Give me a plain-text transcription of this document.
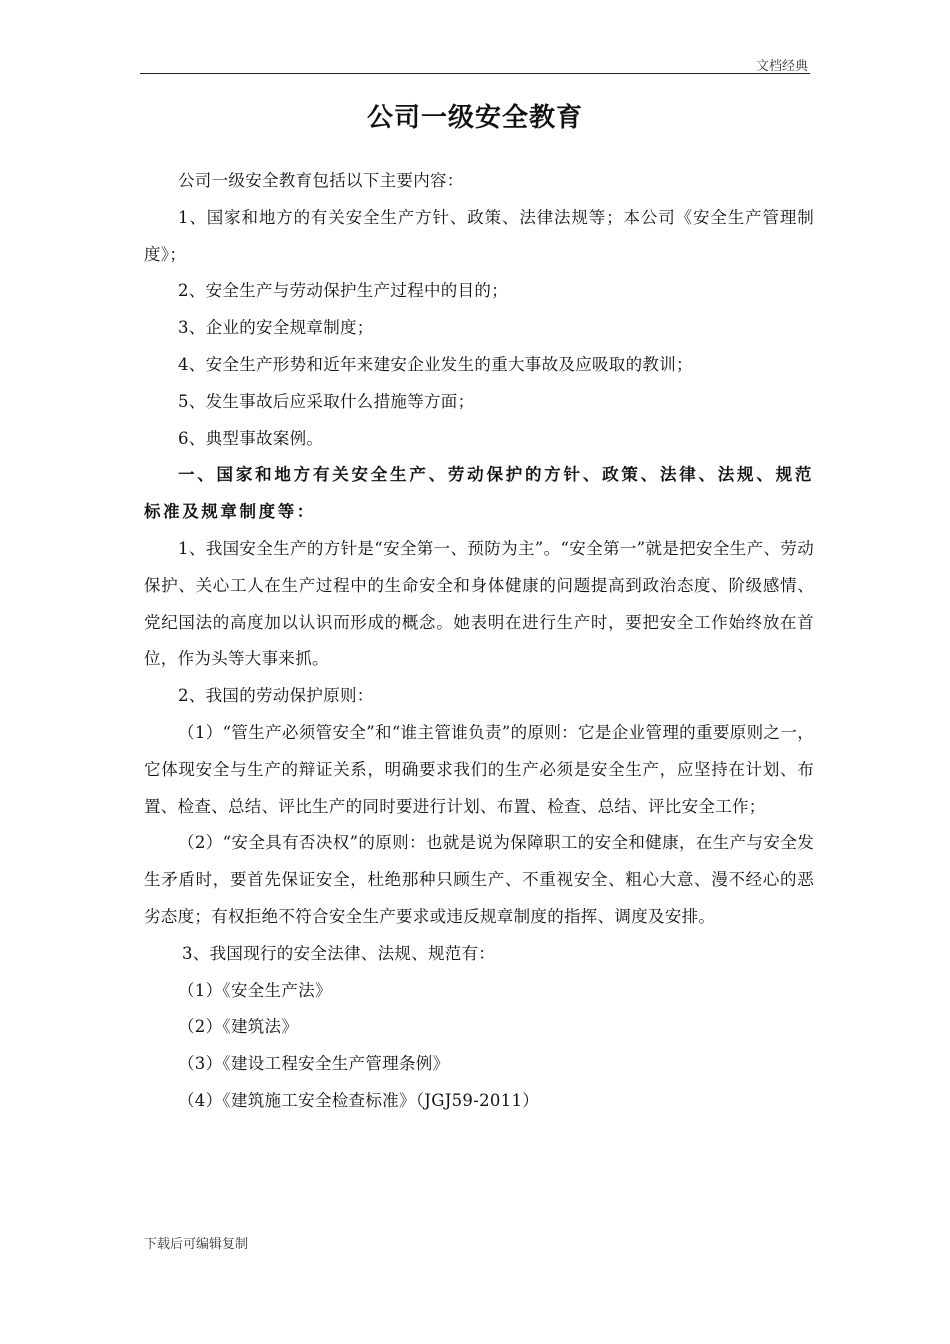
文档经典
公司一级安全教育

公司一级安全教育包括以下主要内容：

1、国家和地方的有关安全生产方针、政策、法律法规等；本公司《安全生产管理制度》；

2、安全生产与劳动保护生产过程中的目的；

3、企业的安全规章制度；

4、安全生产形势和近年来建安企业发生的重大事故及应吸取的教训；

5、发生事故后应采取什么措施等方面；

6、典型事故案例。

一、国家和地方有关安全生产、劳动保护的方针、政策、法律、法规、规范标准及规章制度等：

1、我国安全生产的方针是“安全第一、预防为主”。“安全第一”就是把安全生产、劳动保护、关心工人在生产过程中的生命安全和身体健康的问题提高到政治态度、阶级感情、党纪国法的高度加以认识而形成的概念。她表明在进行生产时，要把安全工作始终放在首位，作为头等大事来抓。

2、我国的劳动保护原则：

（1）“管生产必须管安全”和“谁主管谁负责”的原则：它是企业管理的重要原则之一，它体现安全与生产的辩证关系，明确要求我们的生产必须是安全生产，应坚持在计划、布置、检查、总结、评比生产的同时要进行计划、布置、检查、总结、评比安全工作；

（2）“安全具有否决权”的原则：也就是说为保障职工的安全和健康，在生产与安全发生矛盾时，要首先保证安全，杜绝那种只顾生产、不重视安全、粗心大意、漫不经心的恶劣态度；有权拒绝不符合安全生产要求或违反规章制度的指挥、调度及安排。

3、我国现行的安全法律、法规、规范有：

（1）《安全生产法》

（2）《建筑法》

（3）《建设工程安全生产管理条例》

（4）《建筑施工安全检查标准》（JGJ59-2011）

下载后可编辑复制
